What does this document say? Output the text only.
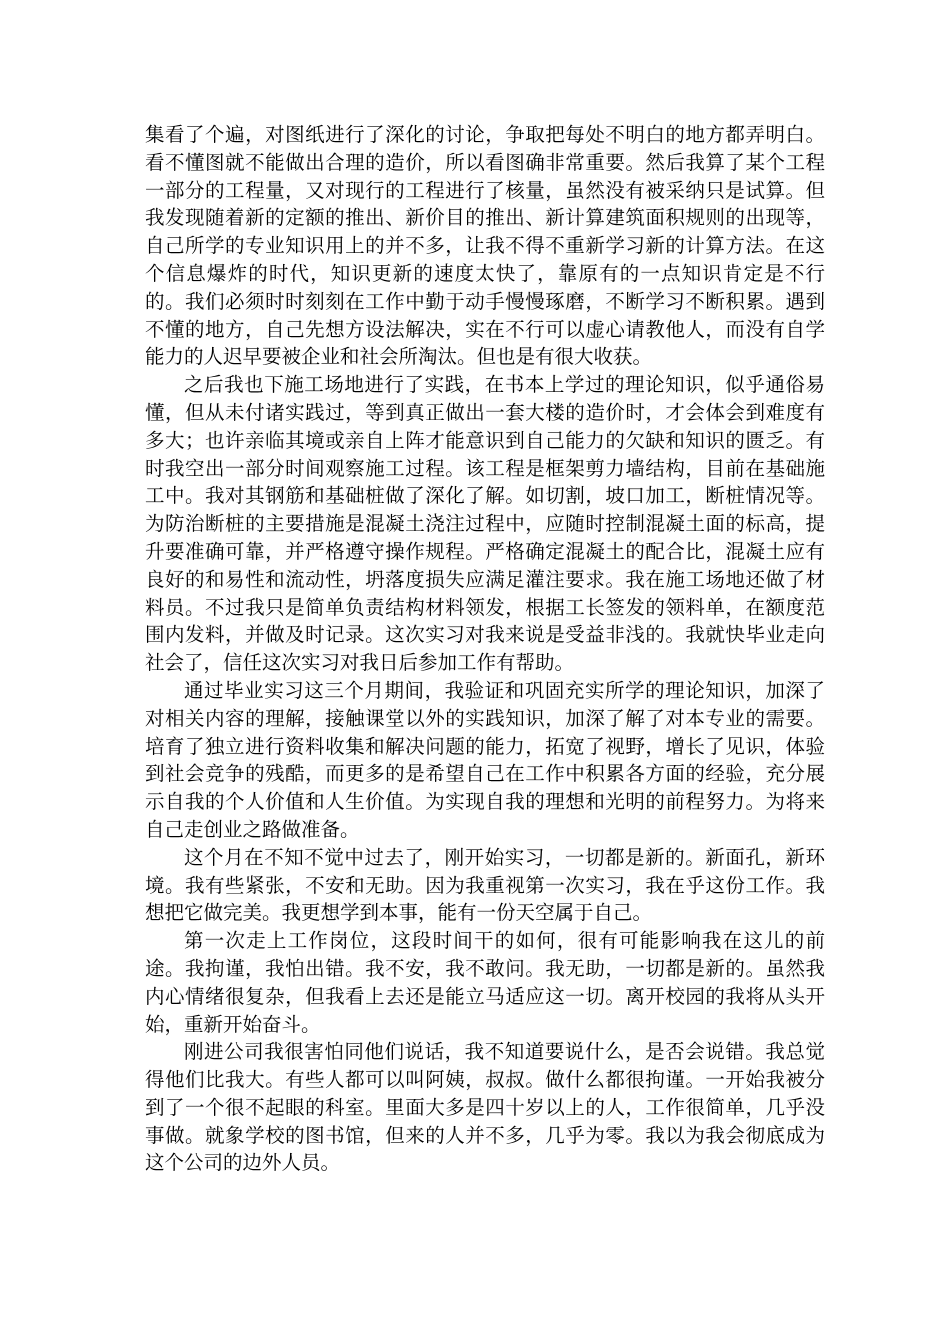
集看了个遍，对图纸进行了深化的讨论，争取把每处不明白的地方都弄明白。看不懂图就不能做出合理的造价，所以看图确非常重要。然后我算了某个工程一部分的工程量，又对现行的工程进行了核量，虽然没有被采纳只是试算。但我发现随着新的定额的推出、新价目的推出、新计算建筑面积规则的出现等，自己所学的专业知识用上的并不多，让我不得不重新学习新的计算方法。在这个信息爆炸的时代，知识更新的速度太快了，靠原有的一点知识肯定是不行的。我们必须时时刻刻在工作中勤于动手慢慢琢磨，不断学习不断积累。遇到不懂的地方，自己先想方设法解决，实在不行可以虚心请教他人，而没有自学能力的人迟早要被企业和社会所淘汰。但也是有很大收获。

之后我也下施工场地进行了实践，在书本上学过的理论知识，似乎通俗易懂，但从未付诸实践过，等到真正做出一套大楼的造价时，才会体会到难度有多大；也许亲临其境或亲自上阵才能意识到自己能力的欠缺和知识的匮乏。有时我空出一部分时间观察施工过程。该工程是框架剪力墙结构，目前在基础施工中。我对其钢筋和基础桩做了深化了解。如切割，坡口加工，断桩情况等。为防治断桩的主要措施是混凝土浇注过程中，应随时控制混凝土面的标高，提升要准确可靠，并严格遵守操作规程。严格确定混凝土的配合比，混凝土应有良好的和易性和流动性，坍落度损失应满足灌注要求。我在施工场地还做了材料员。不过我只是简单负责结构材料领发，根据工长签发的领料单，在额度范围内发料，并做及时记录。这次实习对我来说是受益非浅的。我就快毕业走向社会了，信任这次实习对我日后参加工作有帮助。

通过毕业实习这三个月期间，我验证和巩固充实所学的理论知识，加深了对相关内容的理解，接触课堂以外的实践知识，加深了解了对本专业的需要。培育了独立进行资料收集和解决问题的能力，拓宽了视野，增长了见识，体验到社会竞争的残酷，而更多的是希望自己在工作中积累各方面的经验，充分展示自我的个人价值和人生价值。为实现自我的理想和光明的前程努力。为将来自己走创业之路做准备。

这个月在不知不觉中过去了，刚开始实习，一切都是新的。新面孔，新环境。我有些紧张，不安和无助。因为我重视第一次实习，我在乎这份工作。我想把它做完美。我更想学到本事，能有一份天空属于自己。

第一次走上工作岗位，这段时间干的如何，很有可能影响我在这儿的前途。我拘谨，我怕出错。我不安，我不敢问。我无助，一切都是新的。虽然我内心情绪很复杂，但我看上去还是能立马适应这一切。离开校园的我将从头开始，重新开始奋斗。

刚进公司我很害怕同他们说话，我不知道要说什么，是否会说错。我总觉得他们比我大。有些人都可以叫阿姨，叔叔。做什么都很拘谨。一开始我被分到了一个很不起眼的科室。里面大多是四十岁以上的人，工作很简单，几乎没事做。就象学校的图书馆，但来的人并不多，几乎为零。我以为我会彻底成为这个公司的边外人员。
